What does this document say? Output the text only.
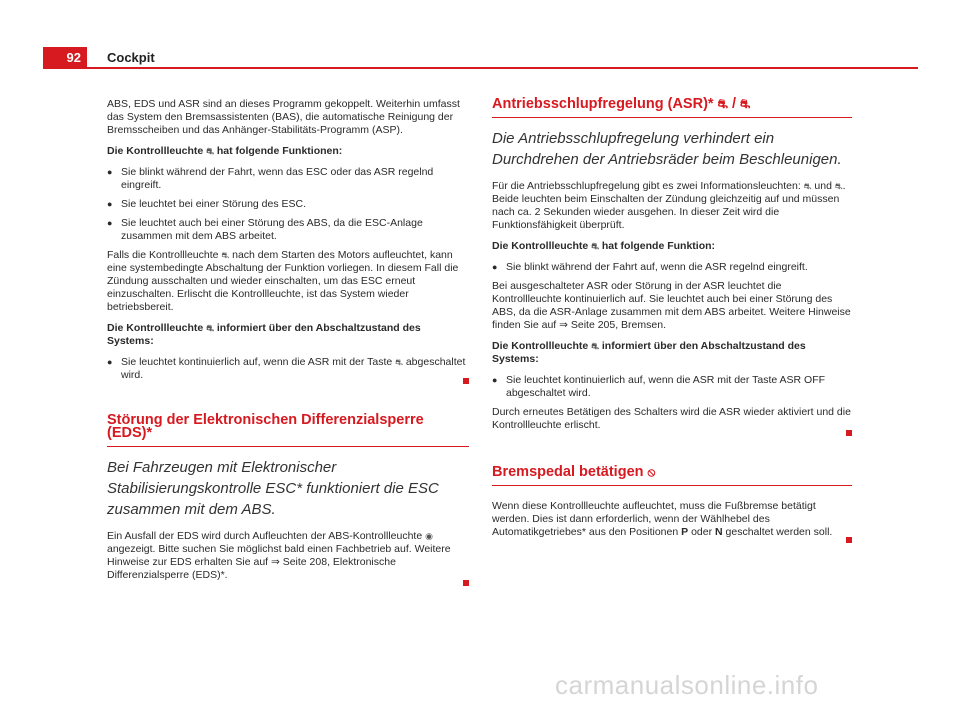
92	Cockpit

ABS, EDS und ASR sind an dieses Programm gekoppelt. Weiterhin umfasst das System den Bremsassistenten (BAS), die automatische Reinigung der Bremsscheiben und das Anhänger-Stabilitäts-Programm (ASP).

Die Kontrollleuchte ⛐ hat folgende Funktionen:

● Sie blinkt während der Fahrt, wenn das ESC oder das ASR regelnd eingreift.
● Sie leuchtet bei einer Störung des ESC.
● Sie leuchtet auch bei einer Störung des ABS, da die ESC-Anlage zusammen mit dem ABS arbeitet.

Falls die Kontrollleuchte ⛐ nach dem Starten des Motors aufleuchtet, kann eine systembedingte Abschaltung der Funktion vorliegen. In diesem Fall die Zündung ausschalten und wieder einschalten, um das ESC erneut einzuschalten. Erlischt die Kontrollleuchte, ist das System wieder betriebsbereit.

Die Kontrollleuchte ⛐ informiert über den Abschaltzustand des Systems:

● Sie leuchtet kontinuierlich auf, wenn die ASR mit der Taste ⛐ abgeschaltet wird.
Störung der Elektronischen Differenzialsperre (EDS)*
Bei Fahrzeugen mit Elektronischer Stabilisierungskontrolle ESC* funktioniert die ESC zusammen mit dem ABS.

Ein Ausfall der EDS wird durch Aufleuchten der ABS-Kontrollleuchte ◉ angezeigt. Bitte suchen Sie möglichst bald einen Fachbetrieb auf. Weitere Hinweise zur EDS erhalten Sie auf ⇒ Seite 208, Elektronische Differenzialsperre (EDS)*.

Antriebsschlupfregelung (ASR)* ⛐ / ⛐
Die Antriebsschlupfregelung verhindert ein Durchdrehen der Antriebsräder beim Beschleunigen.

Für die Antriebsschlupfregelung gibt es zwei Informationsleuchten: ⛐ und ⛐. Beide leuchten beim Einschalten der Zündung gleichzeitig auf und müssen nach ca. 2 Sekunden wieder ausgehen. In dieser Zeit wird die Funktionsfähigkeit überprüft.

Die Kontrollleuchte ⛐ hat folgende Funktion:

● Sie blinkt während der Fahrt auf, wenn die ASR regelnd eingreift.

Bei ausgeschalteter ASR oder Störung in der ASR leuchtet die Kontrollleuchte kontinuierlich auf. Sie leuchtet auch bei einer Störung des ABS, da die ASR-Anlage zusammen mit dem ABS arbeitet. Weitere Hinweise finden Sie auf ⇒ Seite 205, Bremsen.

Die Kontrollleuchte ⛐ informiert über den Abschaltzustand des Systems:

● Sie leuchtet kontinuierlich auf, wenn die ASR mit der Taste ASR OFF abgeschaltet wird.

Durch erneutes Betätigen des Schalters wird die ASR wieder aktiviert und die Kontrollleuchte erlischt.

Bremspedal betätigen ⦸

Wenn diese Kontrollleuchte aufleuchtet, muss die Fußbremse betätigt werden. Dies ist dann erforderlich, wenn der Wählhebel des Automatikgetriebes* aus den Positionen P oder N geschaltet werden soll.

carmanualsonline.info
